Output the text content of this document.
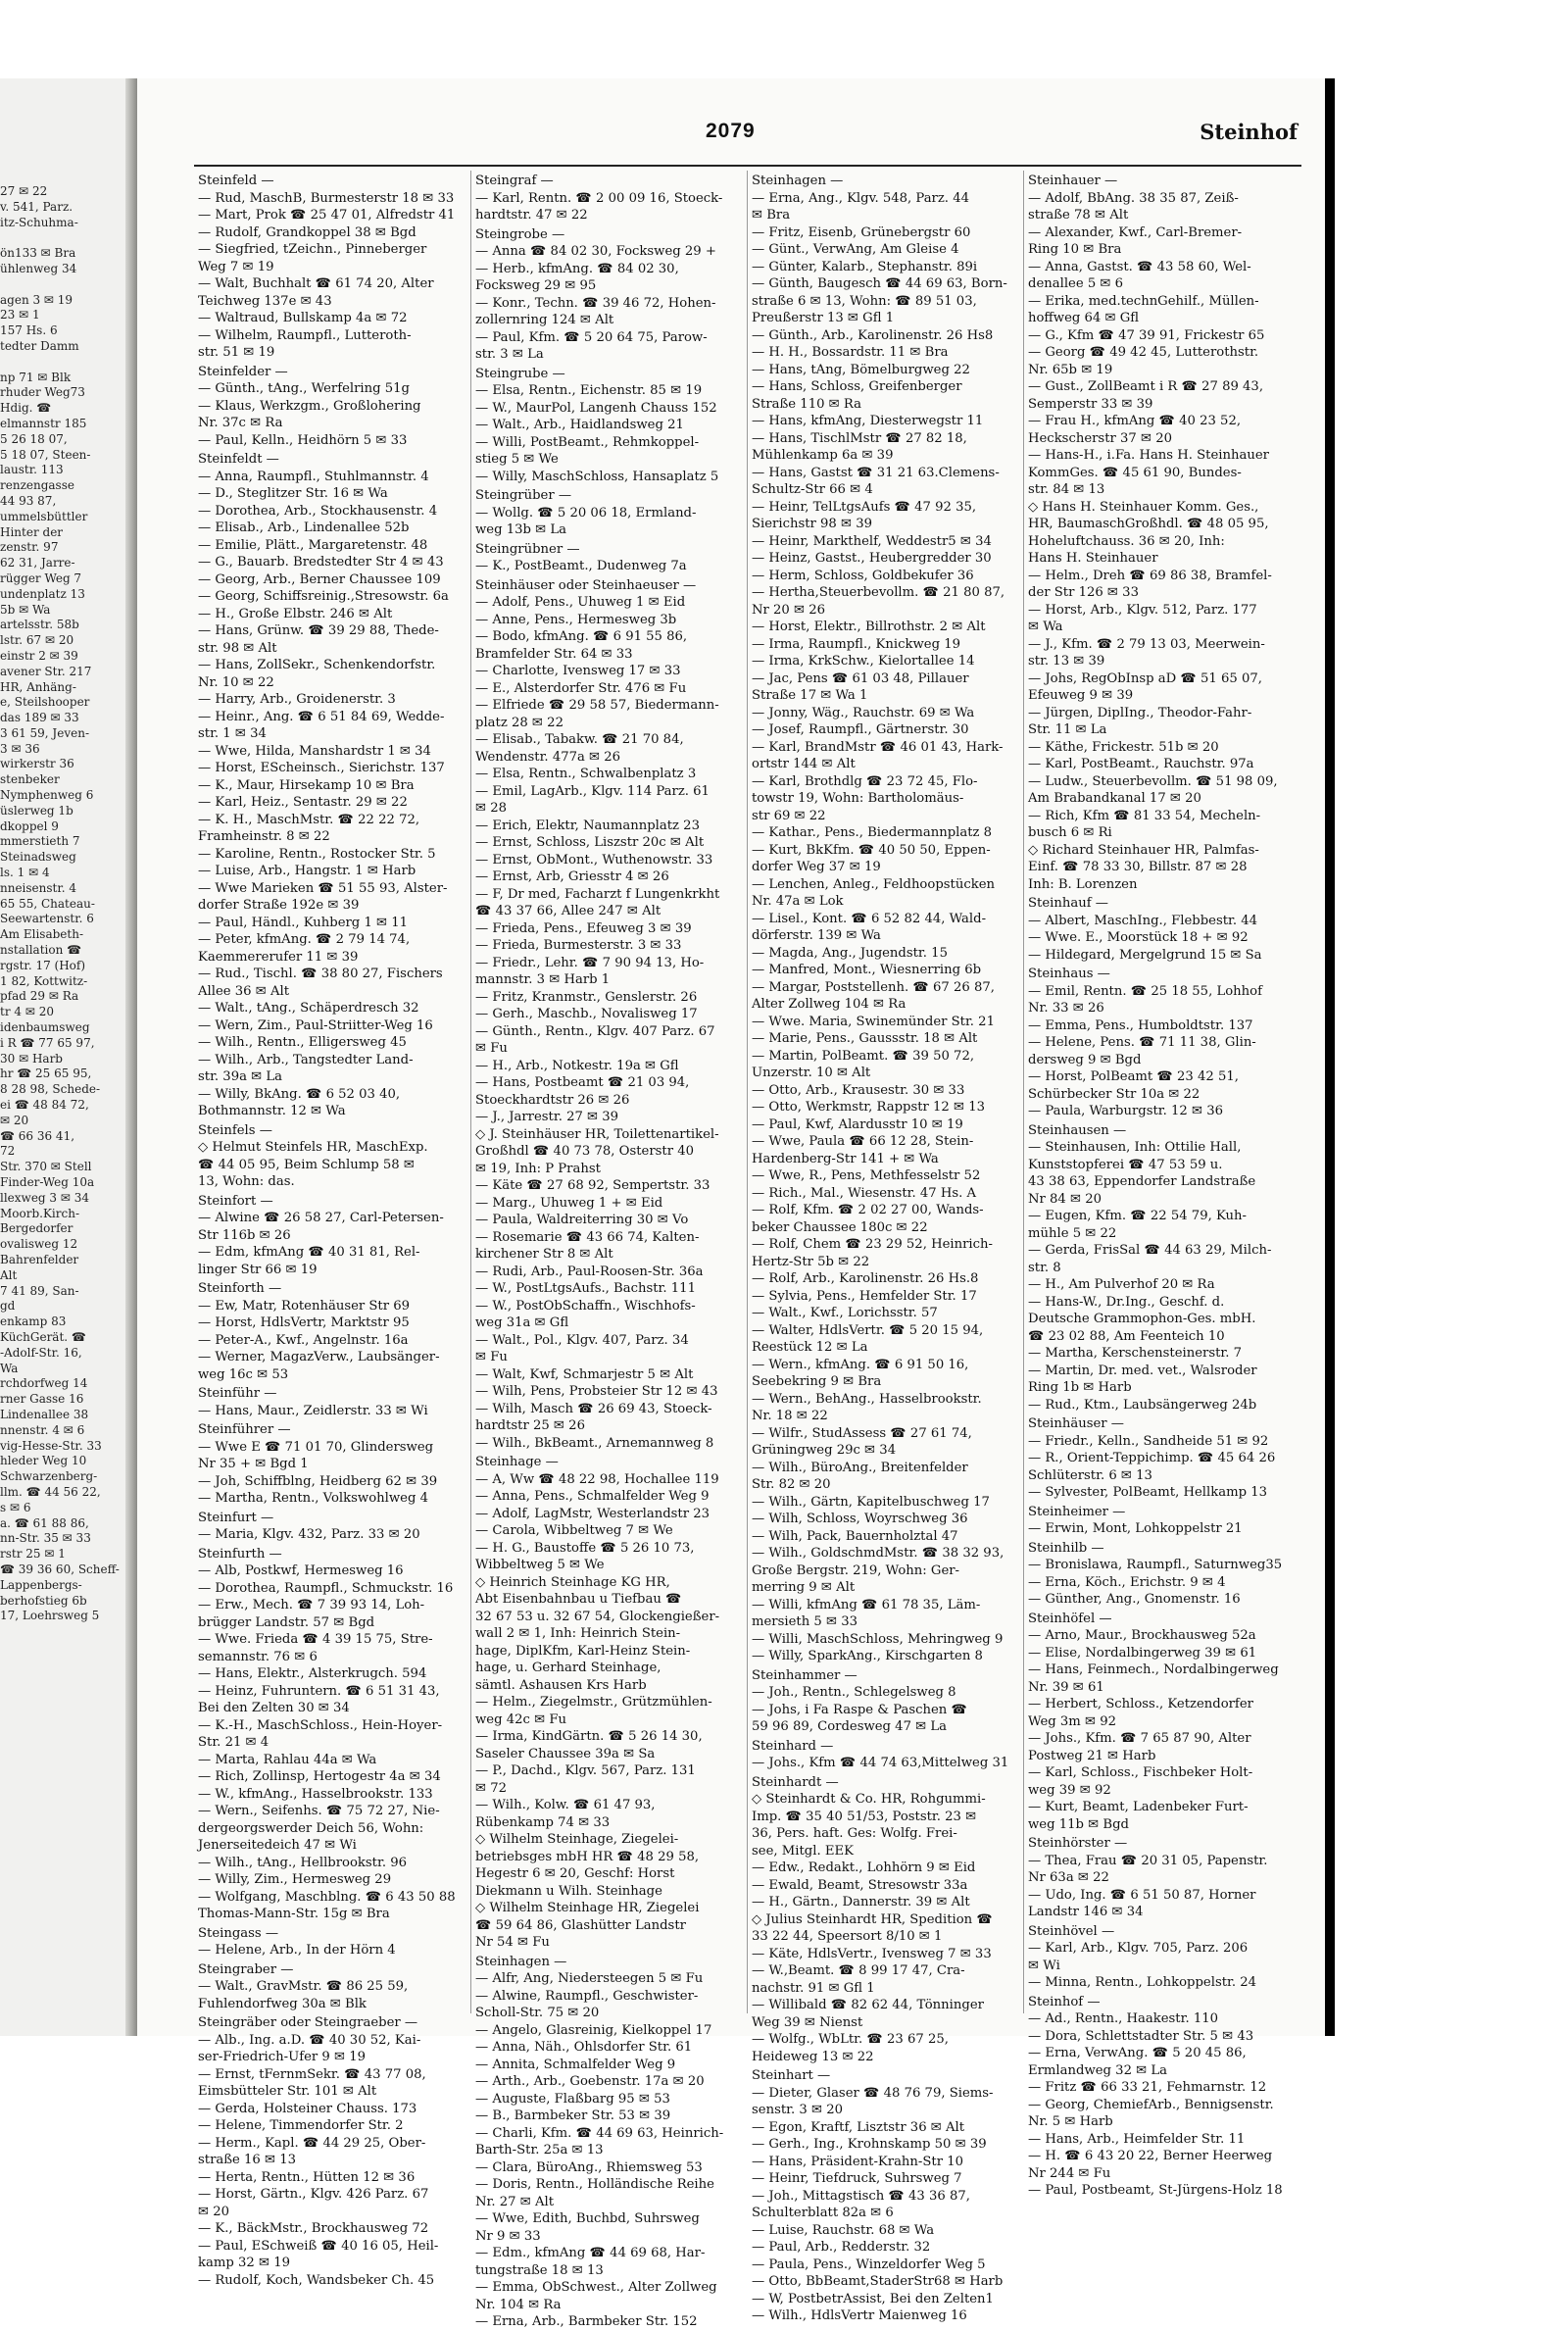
27 ✉ 22
v. 541, Parz.
itz-Schuhma-

ön133 ✉ Bra
ühlenweg 34

agen 3 ✉ 19
23 ✉ 1
157 Hs. 6
tedter Damm

np 71 ✉ Blk
rhuder Weg73
Hdig. ☎
elmannstr 185
5 26 18 07,
5 18 07, Steen-
laustr. 113
renzengasse
44 93 87,
ummelsbüttler
Hinter der
zenstr. 97
62 31, Jarre-
rügger Weg 7
undenplatz 13
5b ✉ Wa
artelsstr. 58b
lstr. 67 ✉ 20
einstr 2 ✉ 39
avener Str. 217
HR, Anhäng-
e, Steilshooper
das 189 ✉ 33
3 61 59, Jeven-
3 ✉ 36
wirkerstr 36
stenbeker
Nymphenweg 6
üslerweg 1b
dkoppel 9
mmerstieth 7
Steinadsweg
ls. 1 ✉ 4
nneisenstr. 4
65 55, Chateau-
Seewartenstr. 6
Am Elisabeth-
nstallation ☎
rgstr. 17 (Hof)
1 82, Kottwitz-
pfad 29 ✉ Ra
tr 4 ✉ 20
idenbaumsweg
i R ☎ 77 65 97,
30 ✉ Harb
hr ☎ 25 65 95,
8 28 98, Schede-
ei ☎ 48 84 72,
✉ 20
☎ 66 36 41,
72
Str. 370 ✉ Stell
Finder-Weg 10a
llexweg 3 ✉ 34
Moorb.Kirch-
Bergedorfer
ovalisweg 12
Bahrenfelder
Alt
7 41 89, San-
gd
enkamp 83
KüchGerät. ☎
-Adolf-Str. 16,
Wa
rchdorfweg 14
rner Gasse 16
Lindenallee 38
nnenstr. 4 ✉ 6
vig-Hesse-Str. 33
hleder Weg 10
Schwarzenberg-
llm. ☎ 44 56 22,
s ✉ 6
a. ☎ 61 88 86,
nn-Str. 35 ✉ 33
rstr 25 ✉ 1
☎ 39 36 60, Scheff-
Lappenbergs-
berhofstieg 6b
17, Loehrsweg 5
2079	Steinhof
Steinfeld —
— Rud, MaschB, Burmesterstr 18 ✉ 33
— Mart, Prok ☎ 25 47 01, Alfredstr 41
— Rudolf, Grandkoppel 38 ✉ Bgd
— Siegfried, tZeichn., Pinneberger
Weg 7 ✉ 19
— Walt, Buchhalt ☎ 61 74 20, Alter
Teichweg 137e ✉ 43
— Waltraud, Bullskamp 4a ✉ 72
— Wilhelm, Raumpfl., Lutteroth-
str. 51 ✉ 19
Steinfelder —
— Günth., tAng., Werfelring 51g
— Klaus, Werkzgm., Großlohering
Nr. 37c ✉ Ra
— Paul, Kelln., Heidhörn 5 ✉ 33
Steinfeldt —
— Anna, Raumpfl., Stuhlmannstr. 4
— D., Steglitzer Str. 16 ✉ Wa
— Dorothea, Arb., Stockhausenstr. 4
— Elisab., Arb., Lindenallee 52b
— Emilie, Plätt., Margaretenstr. 48
— G., Bauarb. Bredstedter Str 4 ✉ 43
— Georg, Arb., Berner Chaussee 109
— Georg, Schiffsreinig.,Stresowstr. 6a
— H., Große Elbstr. 246 ✉ Alt
— Hans, Grünw. ☎ 39 29 88, Thede-
str. 98 ✉ Alt
— Hans, ZollSekr., Schenkendorfstr.
Nr. 10 ✉ 22
— Harry, Arb., Groidenerstr. 3
— Heinr., Ang. ☎ 6 51 84 69, Wedde-
str. 1 ✉ 34
— Wwe, Hilda, Manshardstr 1 ✉ 34
— Horst, EScheinsch., Sierichstr. 137
— K., Maur, Hirsekamp 10 ✉ Bra
— Karl, Heiz., Sentastr. 29 ✉ 22
— K. H., MaschMstr. ☎ 22 22 72,
Framheinstr. 8 ✉ 22
— Karoline, Rentn., Rostocker Str. 5
— Luise, Arb., Hangstr. 1 ✉ Harb
— Wwe Marieken ☎ 51 55 93, Alster-
dorfer Straße 192e ✉ 39
— Paul, Händl., Kuhberg 1 ✉ 11
— Peter, kfmAng. ☎ 2 79 14 74,
Kaemmererufer 11 ✉ 39
— Rud., Tischl. ☎ 38 80 27, Fischers
Allee 36 ✉ Alt
— Walt., tAng., Schäperdresch 32
— Wern, Zim., Paul-Striitter-Weg 16
— Wilh., Rentn., Elligersweg 45
— Wilh., Arb., Tangstedter Land-
str. 39a ✉ La
— Willy, BkAng. ☎ 6 52 03 40,
Bothmannstr. 12 ✉ Wa
Steinfels —
◇ Helmut Steinfels HR, MaschExp.
☎ 44 05 95, Beim Schlump 58 ✉
13, Wohn: das.
Steinfort —
— Alwine ☎ 26 58 27, Carl-Petersen-
Str 116b ✉ 26
— Edm, kfmAng ☎ 40 31 81, Rel-
linger Str 66 ✉ 19
Steinforth —
— Ew, Matr, Rotenhäuser Str 69
— Horst, HdlsVertr, Marktstr 95
— Peter-A., Kwf., Angelnstr. 16a
— Werner, MagazVerw., Laubsänger-
weg 16c ✉ 53
Steinführ —
— Hans, Maur., Zeidlerstr. 33 ✉ Wi
Steinführer —
— Wwe E ☎ 71 01 70, Glindersweg
Nr 35 + ✉ Bgd 1
— Joh, Schiffblng, Heidberg 62 ✉ 39
— Martha, Rentn., Volkswohlweg 4
Steinfurt —
— Maria, Klgv. 432, Parz. 33 ✉ 20
Steinfurth —
— Alb, Postkwf, Hermesweg 16
— Dorothea, Raumpfl., Schmuckstr. 16
— Erw., Mech. ☎ 7 39 93 14, Loh-
brügger Landstr. 57 ✉ Bgd
— Wwe. Frieda ☎ 4 39 15 75, Stre-
semannstr. 76 ✉ 6
— Hans, Elektr., Alsterkrugch. 594
— Heinz, Fuhruntern. ☎ 6 51 31 43,
Bei den Zelten 30 ✉ 34
— K.-H., MaschSchloss., Hein-Hoyer-
Str. 21 ✉ 4
— Marta, Rahlau 44a ✉ Wa
— Rich, Zollinsp, Hertogestr 4a ✉ 34
— W., kfmAng., Hasselbrookstr. 133
— Wern., Seifenhs. ☎ 75 72 27, Nie-
dergeorgswerder Deich 56, Wohn:
Jenerseitedeich 47 ✉ Wi
— Wilh., tAng., Hellbrookstr. 96
— Willy, Zim., Hermesweg 29
— Wolfgang, Maschblng. ☎ 6 43 50 88
Thomas-Mann-Str. 15g ✉ Bra
Steingass —
— Helene, Arb., In der Hörn 4
Steingraber —
— Walt., GravMstr. ☎ 86 25 59,
Fuhlendorfweg 30a ✉ Blk
Steingräber oder Steingraeber —
— Alb., Ing. a.D. ☎ 40 30 52, Kai-
ser-Friedrich-Ufer 9 ✉ 19
— Ernst, tFernmSekr. ☎ 43 77 08,
Eimsbütteler Str. 101 ✉ Alt
— Gerda, Holsteiner Chauss. 173
— Helene, Timmendorfer Str. 2
— Herm., Kapl. ☎ 44 29 25, Ober-
straße 16 ✉ 13
— Herta, Rentn., Hütten 12 ✉ 36
— Horst, Gärtn., Klgv. 426 Parz. 67
✉ 20
— K., BäckMstr., Brockhausweg 72
— Paul, ESchweiß ☎ 40 16 05, Heil-
kamp 32 ✉ 19
— Rudolf, Koch, Wandsbeker Ch. 45
Steingraf —
— Karl, Rentn. ☎ 2 00 09 16, Stoeck-
hardtstr. 47 ✉ 22
Steingrobe —
— Anna ☎ 84 02 30, Focksweg 29 +
— Herb., kfmAng. ☎ 84 02 30,
Focksweg 29 ✉ 95
— Konr., Techn. ☎ 39 46 72, Hohen-
zollernring 124 ✉ Alt
— Paul, Kfm. ☎ 5 20 64 75, Parow-
str. 3 ✉ La
Steingrube —
— Elsa, Rentn., Eichenstr. 85 ✉ 19
— W., MaurPol, Langenh Chauss 152
— Walt., Arb., Haidlandsweg 21
— Willi, PostBeamt., Rehmkoppel-
stieg 5 ✉ We
— Willy, MaschSchloss, Hansaplatz 5
Steingrüber —
— Wollg. ☎ 5 20 06 18, Ermland-
weg 13b ✉ La
Steingrübner —
— K., PostBeamt., Dudenweg 7a
Steinhäuser oder Steinhaeuser —
— Adolf, Pens., Uhuweg 1 ✉ Eid
— Anne, Pens., Hermesweg 3b
— Bodo, kfmAng. ☎ 6 91 55 86,
Bramfelder Str. 64 ✉ 33
— Charlotte, Ivensweg 17 ✉ 33
— E., Alsterdorfer Str. 476 ✉ Fu
— Elfriede ☎ 29 58 57, Biedermann-
platz 28 ✉ 22
— Elisab., Tabakw. ☎ 21 70 84,
Wendenstr. 477a ✉ 26
— Elsa, Rentn., Schwalbenplatz 3
— Emil, LagArb., Klgv. 114 Parz. 61
✉ 28
— Erich, Elektr, Naumannplatz 23
— Ernst, Schloss, Liszstr 20c ✉ Alt
— Ernst, ObMont., Wuthenowstr. 33
— Ernst, Arb, Griesstr 4 ✉ 26
— F, Dr med, Facharzt f Lungenkrkht
☎ 43 37 66, Allee 247 ✉ Alt
— Frieda, Pens., Efeuweg 3 ✉ 39
— Frieda, Burmesterstr. 3 ✉ 33
— Friedr., Lehr. ☎ 7 90 94 13, Ho-
mannstr. 3 ✉ Harb 1
— Fritz, Kranmstr., Genslerstr. 26
— Gerh., Maschb., Novalisweg 17
— Günth., Rentn., Klgv. 407 Parz. 67
✉ Fu
— H., Arb., Notkestr. 19a ✉ Gfl
— Hans, Postbeamt ☎ 21 03 94,
Stoeckhardtstr 26 ✉ 26
— J., Jarrestr. 27 ✉ 39
◇ J. Steinhäuser HR, Toilettenartikel-
Großhdl ☎ 40 73 78, Osterstr 40
✉ 19, Inh: P Prahst
— Käte ☎ 27 68 92, Sempertstr. 33
— Marg., Uhuweg 1 + ✉ Eid
— Paula, Waldreiterring 30 ✉ Vo
— Rosemarie ☎ 43 66 74, Kalten-
kirchener Str 8 ✉ Alt
— Rudi, Arb., Paul-Roosen-Str. 36a
— W., PostLtgsAufs., Bachstr. 111
— W., PostObSchaffn., Wischhofs-
weg 31a ✉ Gfl
— Walt., Pol., Klgv. 407, Parz. 34
✉ Fu
— Walt, Kwf, Schmarjestr 5 ✉ Alt
— Wilh, Pens, Probsteier Str 12 ✉ 43
— Wilh, Masch ☎ 26 69 43, Stoeck-
hardtstr 25 ✉ 26
— Wilh., BkBeamt., Arnemannweg 8
Steinhage —
— A, Ww ☎ 48 22 98, Hochallee 119
— Anna, Pens., Schmalfelder Weg 9
— Adolf, LagMstr, Westerlandstr 23
— Carola, Wibbeltweg 7 ✉ We
— H. G., Baustoffe ☎ 5 26 10 73,
Wibbeltweg 5 ✉ We
◇ Heinrich Steinhage KG HR,
Abt Eisenbahnbau u Tiefbau ☎
32 67 53 u. 32 67 54, Glockengießer-
wall 2 ✉ 1, Inh: Heinrich Stein-
hage, DiplKfm, Karl-Heinz Stein-
hage, u. Gerhard Steinhage,
sämtl. Ashausen Krs Harb
— Helm., Ziegelmstr., Grützmühlen-
weg 42c ✉ Fu
— Irma, KindGärtn. ☎ 5 26 14 30,
Saseler Chaussee 39a ✉ Sa
— P., Dachd., Klgv. 567, Parz. 131
✉ 72
— Wilh., Kolw. ☎ 61 47 93,
Rübenkamp 74 ✉ 33
◇ Wilhelm Steinhage, Ziegelei-
betriebsges mbH HR ☎ 48 29 58,
Hegestr 6 ✉ 20, Geschf: Horst
Diekmann u Wilh. Steinhage
◇ Wilhelm Steinhage HR, Ziegelei
☎ 59 64 86, Glashütter Landstr
Nr 54 ✉ Fu
Steinhagen —
— Alfr, Ang, Niedersteegen 5 ✉ Fu
— Alwine, Raumpfl., Geschwister-
Scholl-Str. 75 ✉ 20
— Angelo, Glasreinig, Kielkoppel 17
— Anna, Näh., Ohlsdorfer Str. 61
— Annita, Schmalfelder Weg 9
— Arth., Arb., Goebenstr. 17a ✉ 20
— Auguste, Flaßbarg 95 ✉ 53
— B., Barmbeker Str. 53 ✉ 39
— Charli, Kfm. ☎ 44 69 63, Heinrich-
Barth-Str. 25a ✉ 13
— Clara, BüroAng., Rhiemsweg 53
— Doris, Rentn., Holländische Reihe
Nr. 27 ✉ Alt
— Wwe, Edith, Buchbd, Suhrsweg
Nr 9 ✉ 33
— Edm., kfmAng ☎ 44 69 68, Har-
tungstraße 18 ✉ 13
— Emma, ObSchwest., Alter Zollweg
Nr. 104 ✉ Ra
— Erna, Arb., Barmbeker Str. 152
Steinhagen —
— Erna, Ang., Klgv. 548, Parz. 44
✉ Bra
— Fritz, Eisenb, Grünebergstr 60
— Günt., VerwAng, Am Gleise 4
— Günter, Kalarb., Stephanstr. 89i
— Günth, Baugesch ☎ 44 69 63, Born-
straße 6 ✉ 13, Wohn: ☎ 89 51 03,
Preußerstr 13 ✉ Gfl 1
— Günth., Arb., Karolinenstr. 26 Hs8
— H. H., Bossardstr. 11 ✉ Bra
— Hans, tAng, Bömelburgweg 22
— Hans, Schloss, Greifenberger
Straße 110 ✉ Ra
— Hans, kfmAng, Diesterwegstr 11
— Hans, TischlMstr ☎ 27 82 18,
Mühlenkamp 6a ✉ 39
— Hans, Gastst ☎ 31 21 63.Clemens-
Schultz-Str 66 ✉ 4
— Heinr, TelLtgsAufs ☎ 47 92 35,
Sierichstr 98 ✉ 39
— Heinr, Markthelf, Weddestr5 ✉ 34
— Heinz, Gastst., Heubergredder 30
— Herm, Schloss, Goldbekufer 36
— Hertha,Steuerbevollm. ☎ 21 80 87,
Nr 20 ✉ 26
— Horst, Elektr., Billrothstr. 2 ✉ Alt
— Irma, Raumpfl., Knickweg 19
— Irma, KrkSchw., Kielortallee 14
— Jac, Pens ☎ 61 03 48, Pillauer
Straße 17 ✉ Wa 1
— Jonny, Wäg., Rauchstr. 69 ✉ Wa
— Josef, Raumpfl., Gärtnerstr. 30
— Karl, BrandMstr ☎ 46 01 43, Hark-
ortstr 144 ✉ Alt
— Karl, Brothdlg ☎ 23 72 45, Flo-
towstr 19, Wohn: Bartholomäus-
str 69 ✉ 22
— Kathar., Pens., Biedermannplatz 8
— Kurt, BkKfm. ☎ 40 50 50, Eppen-
dorfer Weg 37 ✉ 19
— Lenchen, Anleg., Feldhoopstücken
Nr. 47a ✉ Lok
— Lisel., Kont. ☎ 6 52 82 44, Wald-
dörferstr. 139 ✉ Wa
— Magda, Ang., Jugendstr. 15
— Manfred, Mont., Wiesnerring 6b
— Margar, Poststellenh. ☎ 67 26 87,
Alter Zollweg 104 ✉ Ra
— Wwe. Maria, Swinemünder Str. 21
— Marie, Pens., Gaussstr. 18 ✉ Alt
— Martin, PolBeamt. ☎ 39 50 72,
Unzerstr. 10 ✉ Alt
— Otto, Arb., Krausestr. 30 ✉ 33
— Otto, Werkmstr, Rappstr 12 ✉ 13
— Paul, Kwf, Alardusstr 10 ✉ 19
— Wwe, Paula ☎ 66 12 28, Stein-
Hardenberg-Str 141 + ✉ Wa
— Wwe, R., Pens, Methfesselstr 52
— Rich., Mal., Wiesenstr. 47 Hs. A
— Rolf, Kfm. ☎ 2 02 27 00, Wands-
beker Chaussee 180c ✉ 22
— Rolf, Chem ☎ 23 29 52, Heinrich-
Hertz-Str 5b ✉ 22
— Rolf, Arb., Karolinenstr. 26 Hs.8
— Sylvia, Pens., Hemfelder Str. 17
— Walt., Kwf., Lorichsstr. 57
— Walter, HdlsVertr. ☎ 5 20 15 94,
Reestück 12 ✉ La
— Wern., kfmAng. ☎ 6 91 50 16,
Seebekring 9 ✉ Bra
— Wern., BehAng., Hasselbrookstr.
Nr. 18 ✉ 22
— Wilfr., StudAssess ☎ 27 61 74,
Grüningweg 29c ✉ 34
— Wilh., BüroAng., Breitenfelder
Str. 82 ✉ 20
— Wilh., Gärtn, Kapitelbuschweg 17
— Wilh, Schloss, Woyrschweg 36
— Wilh, Pack, Bauernholztal 47
— Wilh., GoldschmdMstr. ☎ 38 32 93,
Große Bergstr. 219, Wohn: Ger-
merring 9 ✉ Alt
— Willi, kfmAng ☎ 61 78 35, Läm-
mersieth 5 ✉ 33
— Willi, MaschSchloss, Mehringweg 9
— Willy, SparkAng., Kirschgarten 8
Steinhammer —
— Joh., Rentn., Schlegelsweg 8
— Johs, i Fa Raspe & Paschen ☎
59 96 89, Cordesweg 47 ✉ La
Steinhard —
— Johs., Kfm ☎ 44 74 63,Mittelweg 31
Steinhardt —
◇ Steinhardt & Co. HR, Rohgummi-
Imp. ☎ 35 40 51/53, Poststr. 23 ✉
36, Pers. haft. Ges: Wolfg. Frei-
see, Mitgl. EEK
— Edw., Redakt., Lohhörn 9 ✉ Eid
— Ewald, Beamt, Stresowstr 33a
— H., Gärtn., Dannerstr. 39 ✉ Alt
◇ Julius Steinhardt HR, Spedition ☎
33 22 44, Speersort 8/10 ✉ 1
— Käte, HdlsVertr., Ivensweg 7 ✉ 33
— W.,Beamt. ☎ 8 99 17 47, Cra-
nachstr. 91 ✉ Gfl 1
— Willibald ☎ 82 62 44, Tönninger
Weg 39 ✉ Nienst
— Wolfg., WbLtr. ☎ 23 67 25,
Heideweg 13 ✉ 22
Steinhart —
— Dieter, Glaser ☎ 48 76 79, Siems-
senstr. 3 ✉ 20
— Egon, Kraftf, Lisztstr 36 ✉ Alt
— Gerh., Ing., Krohnskamp 50 ✉ 39
— Hans, Präsident-Krahn-Str 10
— Heinr, Tiefdruck, Suhrsweg 7
— Joh., Mittagstisch ☎ 43 36 87,
Schulterblatt 82a ✉ 6
— Luise, Rauchstr. 68 ✉ Wa
— Paul, Arb., Redderstr. 32
— Paula, Pens., Winzeldorfer Weg 5
— Otto, BbBeamt,StaderStr68 ✉ Harb
— W, PostbetrAssist, Bei den Zelten1
— Wilh., HdlsVertr Maienweg 16
Steinhauer —
— Adolf, BbAng. 38 35 87, Zeiß-
straße 78 ✉ Alt
— Alexander, Kwf., Carl-Bremer-
Ring 10 ✉ Bra
— Anna, Gastst. ☎ 43 58 60, Wel-
denallee 5 ✉ 6
— Erika, med.technGehilf., Müllen-
hoffweg 64 ✉ Gfl
— G., Kfm ☎ 47 39 91, Frickestr 65
— Georg ☎ 49 42 45, Lutterothstr.
Nr. 65b ✉ 19
— Gust., ZollBeamt i R ☎ 27 89 43,
Semperstr 33 ✉ 39
— Frau H., kfmAng ☎ 40 23 52,
Heckscherstr 37 ✉ 20
— Hans-H., i.Fa. Hans H. Steinhauer
KommGes. ☎ 45 61 90, Bundes-
str. 84 ✉ 13
◇ Hans H. Steinhauer Komm. Ges.,
HR, BaumaschGroßhdl. ☎ 48 05 95,
Hoheluftchauss. 36 ✉ 20, Inh:
Hans H. Steinhauer
— Helm., Dreh ☎ 69 86 38, Bramfel-
der Str 126 ✉ 33
— Horst, Arb., Klgv. 512, Parz. 177
✉ Wa
— J., Kfm. ☎ 2 79 13 03, Meerwein-
str. 13 ✉ 39
— Johs, RegObInsp aD ☎ 51 65 07,
Efeuweg 9 ✉ 39
— Jürgen, DiplIng., Theodor-Fahr-
Str. 11 ✉ La
— Käthe, Frickestr. 51b ✉ 20
— Karl, PostBeamt., Rauchstr. 97a
— Ludw., Steuerbevollm. ☎ 51 98 09,
Am Brabandkanal 17 ✉ 20
— Rich, Kfm ☎ 81 33 54, Mecheln-
busch 6 ✉ Ri
◇ Richard Steinhauer HR, Palmfas-
Einf. ☎ 78 33 30, Billstr. 87 ✉ 28
Inh: B. Lorenzen
Steinhauf —
— Albert, MaschIng., Flebbestr. 44
— Wwe. E., Moorstück 18 + ✉ 92
— Hildegard, Mergelgrund 15 ✉ Sa
Steinhaus —
— Emil, Rentn. ☎ 25 18 55, Lohhof
Nr. 33 ✉ 26
— Emma, Pens., Humboldtstr. 137
— Helene, Pens. ☎ 71 11 38, Glin-
dersweg 9 ✉ Bgd
— Horst, PolBeamt ☎ 23 42 51,
Schürbecker Str 10a ✉ 22
— Paula, Warburgstr. 12 ✉ 36
Steinhausen —
— Steinhausen, Inh: Ottilie Hall,
Kunststopferei ☎ 47 53 59 u.
43 38 63, Eppendorfer Landstraße
Nr 84 ✉ 20
— Eugen, Kfm. ☎ 22 54 79, Kuh-
mühle 5 ✉ 22
— Gerda, FrisSal ☎ 44 63 29, Milch-
str. 8
— H., Am Pulverhof 20 ✉ Ra
— Hans-W., Dr.Ing., Geschf. d.
Deutsche Grammophon-Ges. mbH.
☎ 23 02 88, Am Feenteich 10
— Martha, Kerschensteinerstr. 7
— Martin, Dr. med. vet., Walsroder
Ring 1b ✉ Harb
— Rud., Ktm., Laubsängerweg 24b
Steinhäuser —
— Friedr., Kelln., Sandheide 51 ✉ 92
— R., Orient-Teppichimp. ☎ 45 64 26
Schlüterstr. 6 ✉ 13
— Sylvester, PolBeamt, Hellkamp 13
Steinheimer —
— Erwin, Mont, Lohkoppelstr 21
Steinhilb —
— Bronislawa, Raumpfl., Saturnweg35
— Erna, Köch., Erichstr. 9 ✉ 4
— Günther, Ang., Gnomenstr. 16
Steinhöfel —
— Arno, Maur., Brockhausweg 52a
— Elise, Nordalbingerweg 39 ✉ 61
— Hans, Feinmech., Nordalbingerweg
Nr. 39 ✉ 61
— Herbert, Schloss., Ketzendorfer
Weg 3m ✉ 92
— Johs., Kfm. ☎ 7 65 87 90, Alter
Postweg 21 ✉ Harb
— Karl, Schloss., Fischbeker Holt-
weg 39 ✉ 92
— Kurt, Beamt, Ladenbeker Furt-
weg 11b ✉ Bgd
Steinhörster —
— Thea, Frau ☎ 20 31 05, Papenstr.
Nr 63a ✉ 22
— Udo, Ing. ☎ 6 51 50 87, Horner
Landstr 146 ✉ 34
Steinhövel —
— Karl, Arb., Klgv. 705, Parz. 206
✉ Wi
— Minna, Rentn., Lohkoppelstr. 24
Steinhof —
— Ad., Rentn., Haakestr. 110
— Dora, Schlettstadter Str. 5 ✉ 43
— Erna, VerwAng. ☎ 5 20 45 86,
Ermlandweg 32 ✉ La
— Fritz ☎ 66 33 21, Fehmarnstr. 12
— Georg, ChemiefArb., Bennigsenstr.
Nr. 5 ✉ Harb
— Hans, Arb., Heimfelder Str. 11
— H. ☎ 6 43 20 22, Berner Heerweg
Nr 244 ✉ Fu
— Paul, Postbeamt, St-Jürgens-Holz 18
